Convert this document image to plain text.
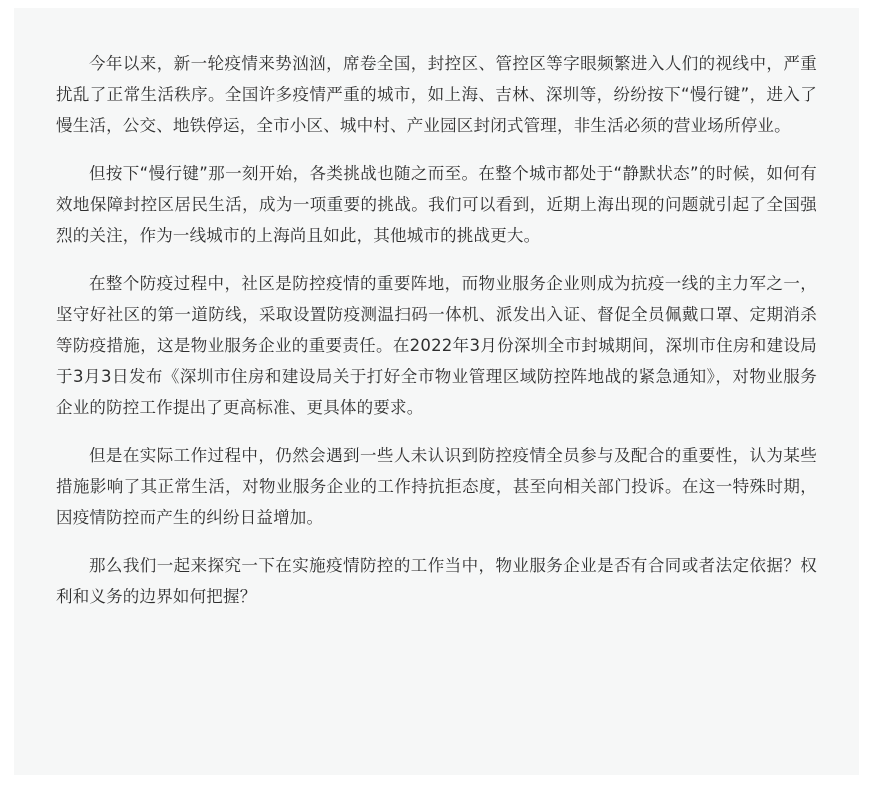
今年以来，新一轮疫情来势汹汹，席卷全国，封控区、管控区等字眼频繁进入人们的视线中，严重扰乱了正常生活秩序。全国许多疫情严重的城市，如上海、吉林、深圳等，纷纷按下“慢行键”，进入了慢生活，公交、地铁停运，全市小区、城中村、产业园区封闭式管理，非生活必须的营业场所停业。

但按下“慢行键”那一刻开始，各类挑战也随之而至。在整个城市都处于“静默状态”的时候，如何有效地保障封控区居民生活，成为一项重要的挑战。我们可以看到，近期上海出现的问题就引起了全国强烈的关注，作为一线城市的上海尚且如此，其他城市的挑战更大。

在整个防疫过程中，社区是防控疫情的重要阵地，而物业服务企业则成为抗疫一线的主力军之一，坚守好社区的第一道防线，采取设置防疫测温扫码一体机、派发出入证、督促全员佩戴口罩、定期消杀等防疫措施，这是物业服务企业的重要责任。在2022年3月份深圳全市封城期间，深圳市住房和建设局于3月3日发布《深圳市住房和建设局关于打好全市物业管理区域防控阵地战的紧急通知》，对物业服务企业的防控工作提出了更高标准、更具体的要求。

但是在实际工作过程中，仍然会遇到一些人未认识到防控疫情全员参与及配合的重要性，认为某些措施影响了其正常生活，对物业服务企业的工作持抗拒态度，甚至向相关部门投诉。在这一特殊时期，因疫情防控而产生的纠纷日益增加。

那么我们一起来探究一下在实施疫情防控的工作当中，物业服务企业是否有合同或者法定依据？权利和义务的边界如何把握？
